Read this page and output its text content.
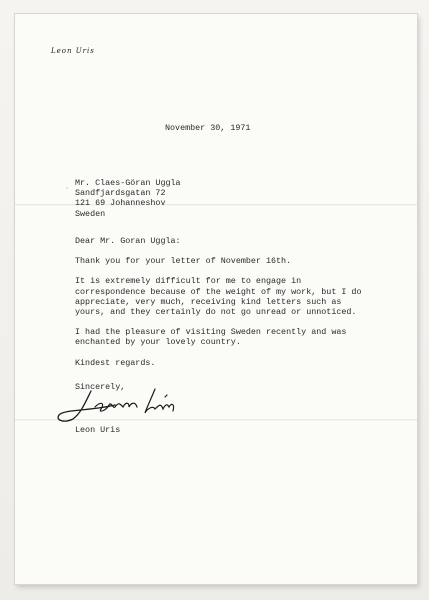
Leon Uris
November 30, 1971
ʻ
Mr. Claes-Göran Uggla
Sandfjardsgatan 72
121 69 Johanneshov
Sweden

Dear Mr. Goran Uggla:

Thank you for your letter of November 16th.

It is extremely difficult for me to engage in correspondence because of the weight of my work, but I do appreciate, very much, receiving kind letters such as yours, and they certainly do not go unread or unnoticed.

I had the pleasure of visiting Sweden recently and was enchanted by your lovely country.

Kindest regards.

Sincerely,

Leon Uris
